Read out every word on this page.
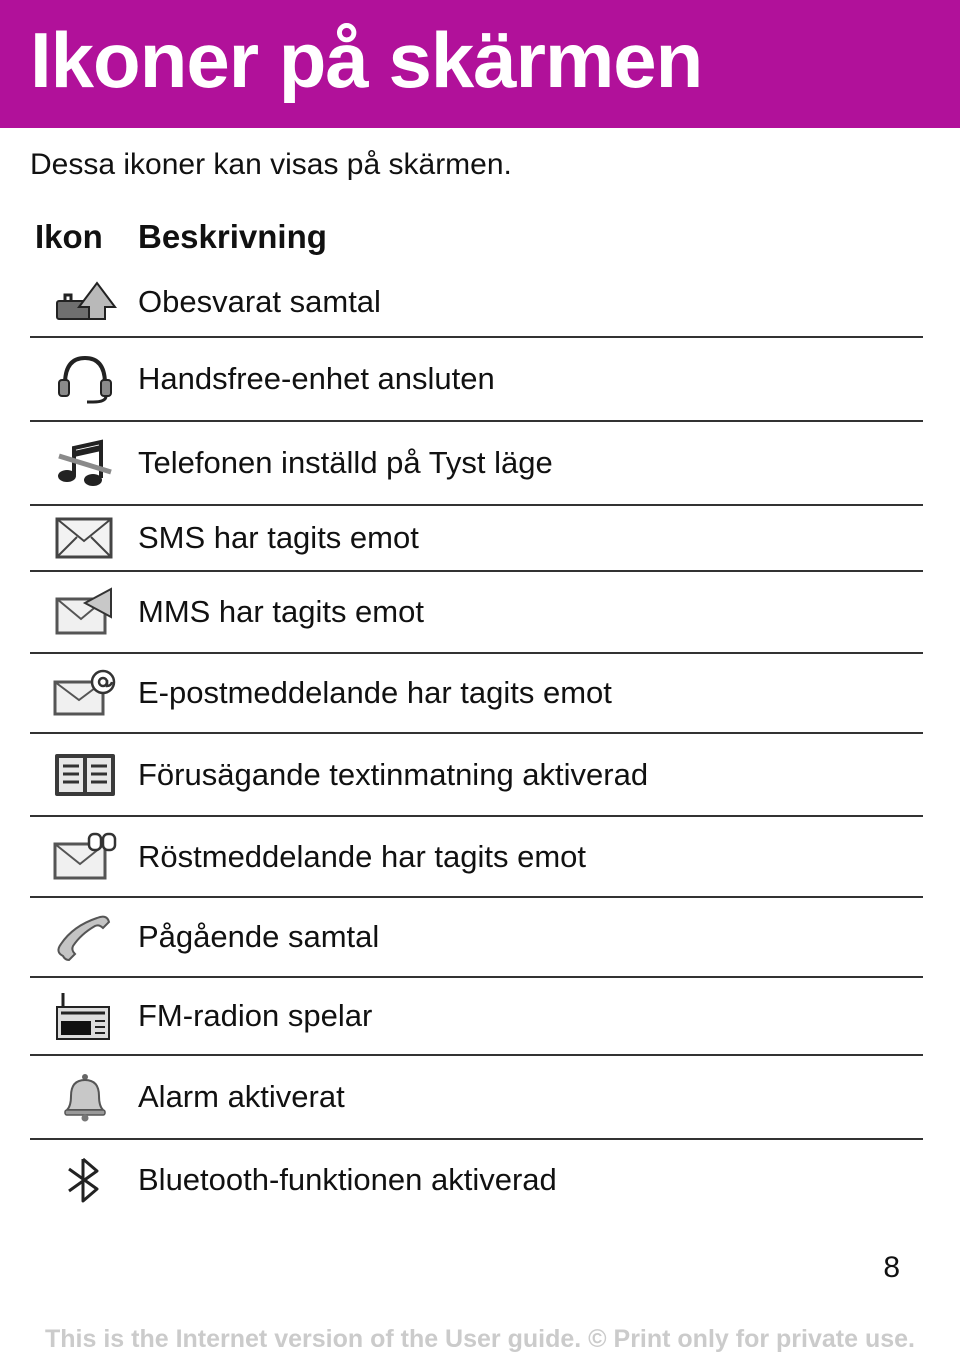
Ikoner på skärmen
Dessa ikoner kan visas på skärmen.
Ikon Beskrivning
Obesvarat samtal
Handsfree-enhet ansluten
Telefonen inställd på Tyst läge
SMS har tagits emot
MMS har tagits emot
E-postmeddelande har tagits emot
Förusägande textinmatning aktiverad
Röstmeddelande har tagits emot
Pågående samtal
FM-radion spelar
Alarm aktiverat
Bluetooth-funktionen aktiverad
8
This is the Internet version of the User guide. © Print only for private use.
